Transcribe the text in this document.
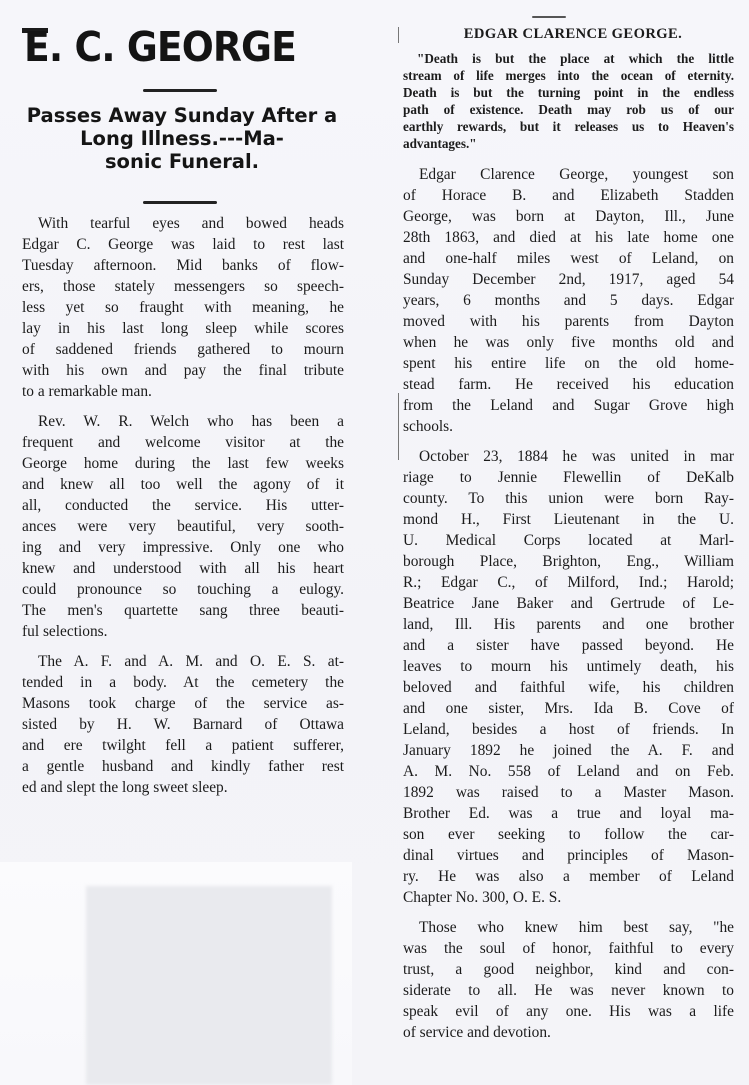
E. C. GEORGE
Passes Away Sunday After a
Long Illness.---Ma-
sonic Funeral.
With tearful eyes and bowed heads
Edgar C. George was laid to rest last
Tuesday afternoon. Mid banks of flow-
ers, those stately messengers so speech-
less yet so fraught with meaning, he
lay in his last long sleep while scores
of saddened friends gathered to mourn
with his own and pay the final tribute
to a remarkable man.
Rev. W. R. Welch who has been a
frequent and welcome visitor at the
George home during the last few weeks
and knew all too well the agony of it
all, conducted the service. His utter-
ances were very beautiful, very sooth-
ing and very impressive. Only one who
knew and understood with all his heart
could pronounce so touching a eulogy.
The men's quartette sang three beauti-
ful selections.
The A. F. and A. M. and O. E. S. at-
tended in a body. At the cemetery the
Masons took charge of the service as-
sisted by H. W. Barnard of Ottawa
and ere twilght fell a patient sufferer,
a gentle husband and kindly father rest
ed and slept the long sweet sleep.
EDGAR CLARENCE GEORGE.
"Death is but the place at which the little
stream of life merges into the ocean of eternity.
Death is but the turning point in the endless
path of existence. Death may rob us of our
earthly rewards, but it releases us to Heaven's
advantages."
Edgar Clarence George, youngest son
of Horace B. and Elizabeth Stadden
George, was born at Dayton, Ill., June
28th 1863, and died at his late home one
and one-half miles west of Leland, on
Sunday December 2nd, 1917, aged 54
years, 6 months and 5 days. Edgar
moved with his parents from Dayton
when he was only five months old and
spent his entire life on the old home-
stead farm. He received his education
from the Leland and Sugar Grove high
schools.
October 23, 1884 he was united in mar
riage to Jennie Flewellin of DeKalb
county. To this union were born Ray-
mond H., First Lieutenant in the U.
U. Medical Corps located at Marl-
borough Place, Brighton, Eng., William
R.; Edgar C., of Milford, Ind.; Harold;
Beatrice Jane Baker and Gertrude of Le-
land, Ill. His parents and one brother
and a sister have passed beyond. He
leaves to mourn his untimely death, his
beloved and faithful wife, his children
and one sister, Mrs. Ida B. Cove of
Leland, besides a host of friends. In
January 1892 he joined the A. F. and
A. M. No. 558 of Leland and on Feb.
1892 was raised to a Master Mason.
Brother Ed. was a true and loyal ma-
son ever seeking to follow the car-
dinal virtues and principles of Mason-
ry. He was also a member of Leland
Chapter No. 300, O. E. S.
Those who knew him best say, "he
was the soul of honor, faithful to every
trust, a good neighbor, kind and con-
siderate to all. He was never known to
speak evil of any one. His was a life
of service and devotion.
